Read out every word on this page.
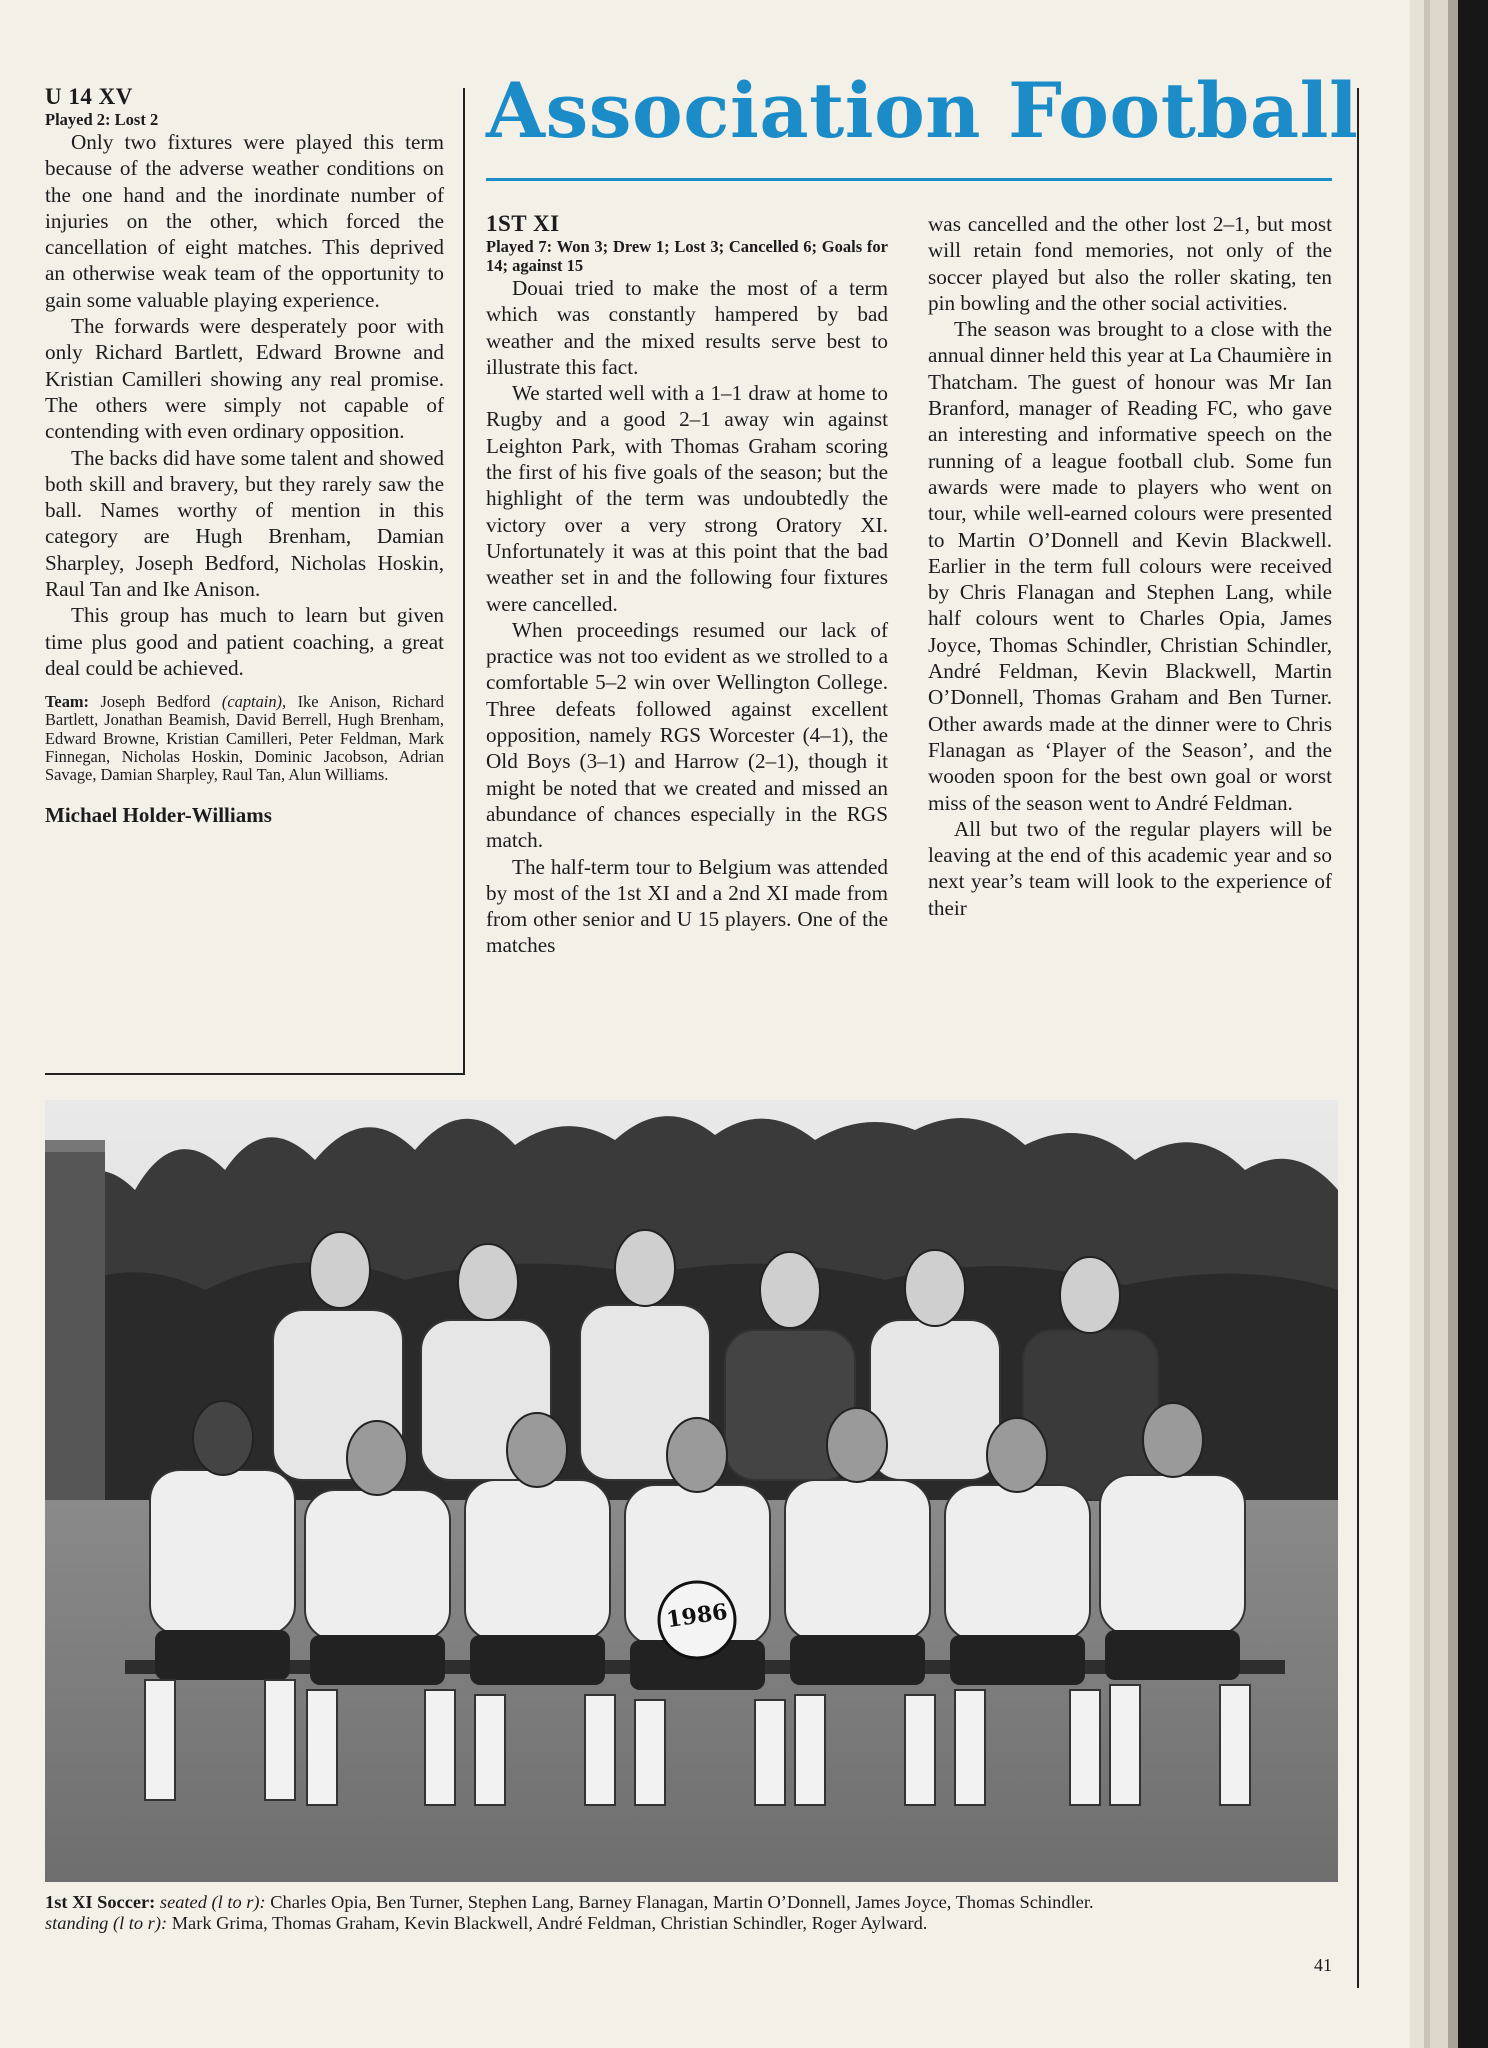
U 14 XV

Played 2: Lost 2

Only two fixtures were played this term because of the adverse weather conditions on the one hand and the inordinate number of injuries on the other, which forced the cancellation of eight matches. This deprived an otherwise weak team of the opportunity to gain some valuable playing experience.

The forwards were desperately poor with only Richard Bartlett, Edward Browne and Kristian Camilleri showing any real promise. The others were simply not capable of contending with even ordinary opposition.

The backs did have some talent and showed both skill and bravery, but they rarely saw the ball. Names worthy of mention in this category are Hugh Brenham, Damian Sharpley, Joseph Bedford, Nicholas Hoskin, Raul Tan and Ike Anison.

This group has much to learn but given time plus good and patient coaching, a great deal could be achieved.

Team: Joseph Bedford (captain), Ike Anison, Richard Bartlett, Jonathan Beamish, David Berrell, Hugh Brenham, Edward Browne, Kristian Camilleri, Peter Feldman, Mark Finnegan, Nicholas Hoskin, Dominic Jacobson, Adrian Savage, Damian Sharpley, Raul Tan, Alun Williams.
Michael Holder-Williams
Association Football

1ST XI

Played 7: Won 3; Drew 1; Lost 3; Cancelled 6; Goals for 14; against 15

Douai tried to make the most of a term which was constantly hampered by bad weather and the mixed results serve best to illustrate this fact.

We started well with a 1–1 draw at home to Rugby and a good 2–1 away win against Leighton Park, with Thomas Graham scoring the first of his five goals of the season; but the highlight of the term was undoubtedly the victory over a very strong Oratory XI. Unfortunately it was at this point that the bad weather set in and the following four fixtures were cancelled.

When proceedings resumed our lack of practice was not too evident as we strolled to a comfortable 5–2 win over Wellington College. Three defeats followed against excellent opposition, namely RGS Worcester (4–1), the Old Boys (3–1) and Harrow (2–1), though it might be noted that we created and missed an abundance of chances especially in the RGS match.

The half-term tour to Belgium was attended by most of the 1st XI and a 2nd XI made from from other senior and U 15 players. One of the matches

was cancelled and the other lost 2–1, but most will retain fond memories, not only of the soccer played but also the roller skating, ten pin bowling and the other social activities.

The season was brought to a close with the annual dinner held this year at La Chaumière in Thatcham. The guest of honour was Mr Ian Branford, manager of Reading FC, who gave an interesting and informative speech on the running of a league football club. Some fun awards were made to players who went on tour, while well-earned colours were presented to Martin O’Donnell and Kevin Blackwell. Earlier in the term full colours were received by Chris Flanagan and Stephen Lang, while half colours went to Charles Opia, James Joyce, Thomas Schindler, Christian Schindler, André Feldman, Kevin Blackwell, Martin O’Donnell, Thomas Graham and Ben Turner. Other awards made at the dinner were to Chris Flanagan as ‘Player of the Season’, and the wooden spoon for the best own goal or worst miss of the season went to André Feldman.

All but two of the regular players will be leaving at the end of this academic year and so next year’s team will look to the experience of their

1986
1st XI Soccer: seated (l to r): Charles Opia, Ben Turner, Stephen Lang, Barney Flanagan, Martin O’Donnell, James Joyce, Thomas Schindler.
standing (l to r): Mark Grima, Thomas Graham, Kevin Blackwell, André Feldman, Christian Schindler, Roger Aylward.
41
